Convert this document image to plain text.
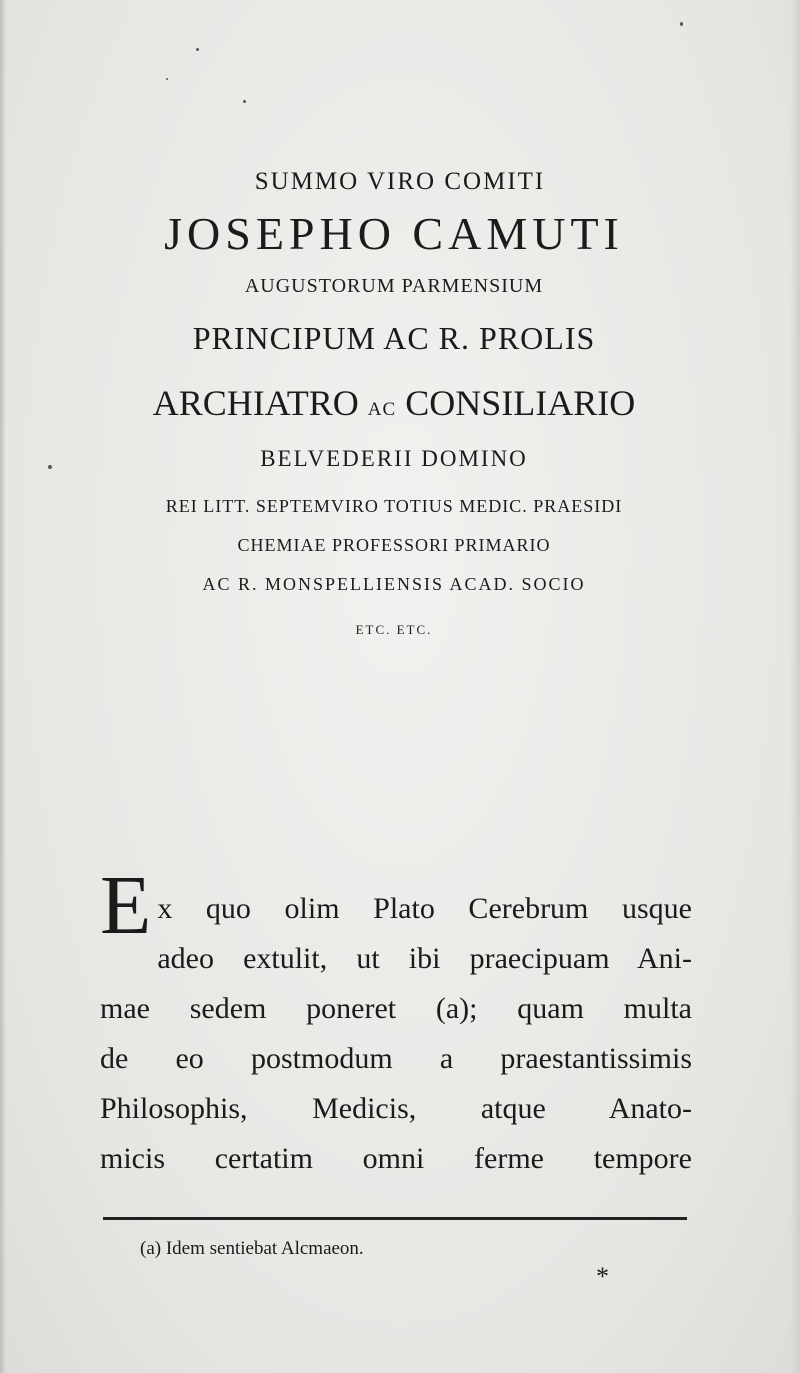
SUMMO VIRO COMITI
JOSEPHO CAMUTI
AUGUSTORUM PARMENSIUM
PRINCIPUM AC R. PROLIS
ARCHIATRO AC CONSILIARIO
BELVEDERII DOMINO
REI LITT. SEPTEMVIRO TOTIUS MEDIC. PRAESIDI
CHEMIAE PROFESSORI PRIMARIO
AC R. MONSPELLIENSIS ACAD. SOCIO
ETC. ETC.
E x quo olim Plato Cerebrum usque
adeo extulit, ut ibi praecipuam Ani-
mae sedem poneret (a); quam multa
de eo postmodum a praestantissimis
Philosophis, Medicis, atque Anato-
micis certatim omni ferme tempore
(a) Idem sentiebat Alcmaeon.
*
